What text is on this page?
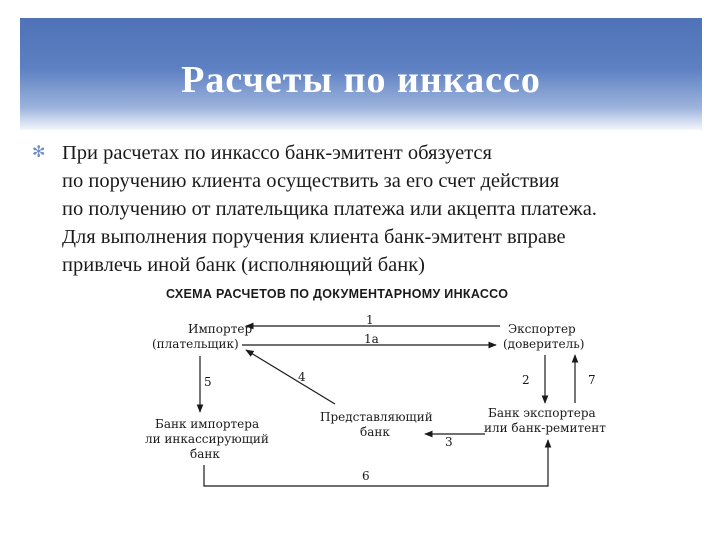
Расчеты по инкассо
✻ При расчетах по инкассо банк-эмитент обязуется
по поручению клиента осуществить за его счет действия
по получению от плательщика платежа или акцепта платежа.
Для выполнения поручения клиента банк-эмитент вправе
привлечь иной банк (исполняющий банк)
СХЕМА РАСЧЕТОВ ПО ДОКУМЕНТАРНОМУ ИНКАССО
Импортер
(плательщик)
Экспортер
(доверитель)
Банк импортера
ли инкассирующий
банк
Представляющий
банк
Банк экспортера
или банк-ремитент
1
1а
2	7
5	4
3
6
